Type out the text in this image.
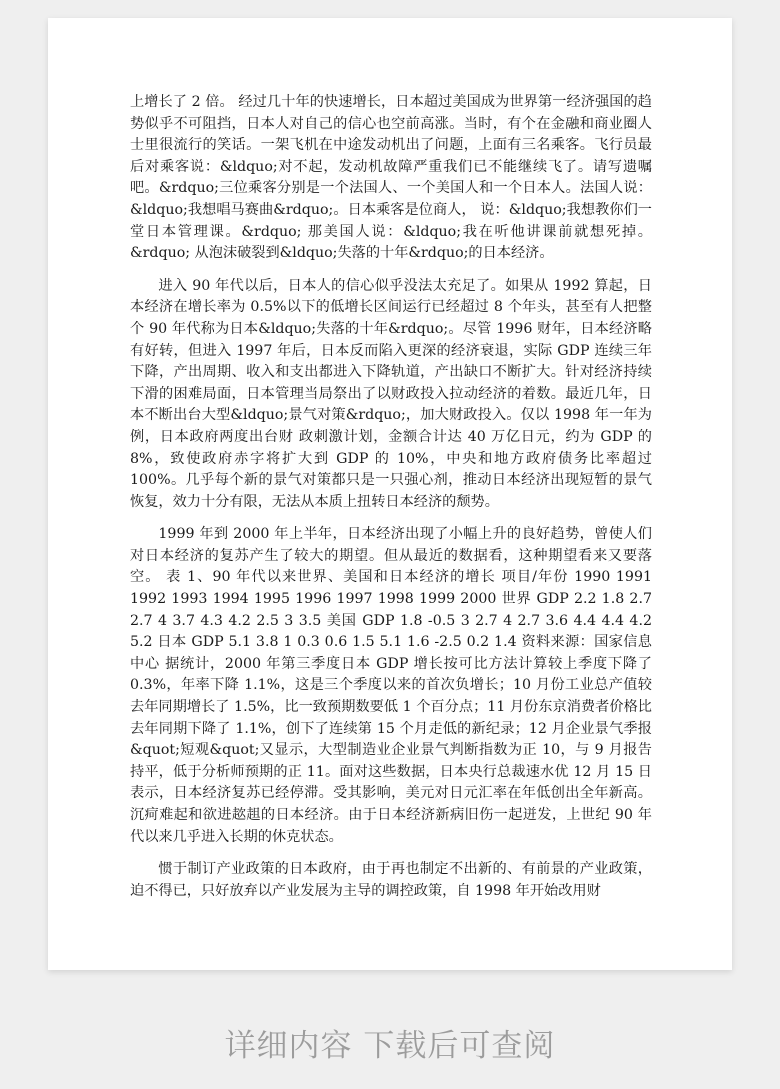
上增长了 2 倍。 经过几十年的快速增长，日本超过美国成为世界第一经济强国的趋势似乎不可阻挡，日本人对自己的信心也空前高涨。当时，有个在金融和商业圈人士里很流行的笑话。一架飞机在中途发动机出了问题，上面有三名乘客。飞行员最后对乘客说：&ldquo;对不起，发动机故障严重我们已不能继续飞了。请写遗嘱吧。&rdquo;三位乘客分别是一个法国人、一个美国人和一个日本人。法国人说：&ldquo;我想唱马赛曲&rdquo;。日本乘客是位商人， 说：&ldquo;我想教你们一堂日本管理课。&rdquo; 那美国人说：&ldquo;我在听他讲课前就想死掉。&rdquo; 从泡沫破裂到&ldquo;失落的十年&rdquo;的日本经济。

进入 90 年代以后，日本人的信心似乎没法太充足了。如果从 1992 算起，日本经济在增长率为 0.5%以下的低增长区间运行已经超过 8 个年头，甚至有人把整个 90 年代称为日本&ldquo;失落的十年&rdquo;。尽管 1996 财年，日本经济略有好转，但进入 1997 年后，日本反而陷入更深的经济衰退，实际 GDP 连续三年下降，产出周期、收入和支出都进入下降轨道，产出缺口不断扩大。针对经济持续下滑的困难局面，日本管理当局祭出了以财政投入拉动经济的着数。最近几年，日本不断出台大型&ldquo;景气对策&rdquo;，加大财政投入。仅以 1998 年一年为例，日本政府两度出台财 政刺激计划，金额合计达 40 万亿日元，约为 GDP 的 8%，致使政府赤字将扩大到 GDP 的 10%，中央和地方政府债务比率超过 100%。几乎每个新的景气对策都只是一只强心剂，推动日本经济出现短暂的景气恢复，效力十分有限，无法从本质上扭转日本经济的颓势。

1999 年到 2000 年上半年，日本经济出现了小幅上升的良好趋势，曾使人们对日本经济的复苏产生了较大的期望。但从最近的数据看，这种期望看来又要落空。 表 1、90 年代以来世界、美国和日本经济的增长 项目/年份 1990 1991 1992 1993 1994 1995 1996 1997 1998 1999 2000 世界 GDP 2.2 1.8 2.7 2.7 4 3.7 4.3 4.2 2.5 3 3.5 美国 GDP 1.8 -0.5 3 2.7 4 2.7 3.6 4.4 4.4 4.2 5.2 日本 GDP 5.1 3.8 1 0.3 0.6 1.5 5.1 1.6 -2.5 0.2 1.4 资料来源：国家信息中心 据统计，2000 年第三季度日本 GDP 增长按可比方法计算较上季度下降了 0.3%，年率下降 1.1%，这是三个季度以来的首次负增长；10 月份工业总产值较去年同期增长了 1.5%，比一致预期数要低 1 个百分点；11 月份东京消费者价格比去年同期下降了 1.1%，创下了连续第 15 个月走低的新纪录；12 月企业景气季报&quot;短观&quot;又显示，大型制造业企业景气判断指数为正 10，与 9 月报告持平，低于分析师预期的正 11。面对这些数据，日本央行总裁速水优 12 月 15 日表示，日本经济复苏已经停滞。受其影响，美元对日元汇率在年低创出全年新高。 沉疴难起和欲进趑趄的日本经济。由于日本经济新病旧伤一起迸发，上世纪 90 年代以来几乎进入长期的休克状态。

惯于制订产业政策的日本政府，由于再也制定不出新的、有前景的产业政策，迫不得已，只好放弃以产业发展为主导的调控政策，自 1998 年开始改用财

详细内容 下载后可查阅
